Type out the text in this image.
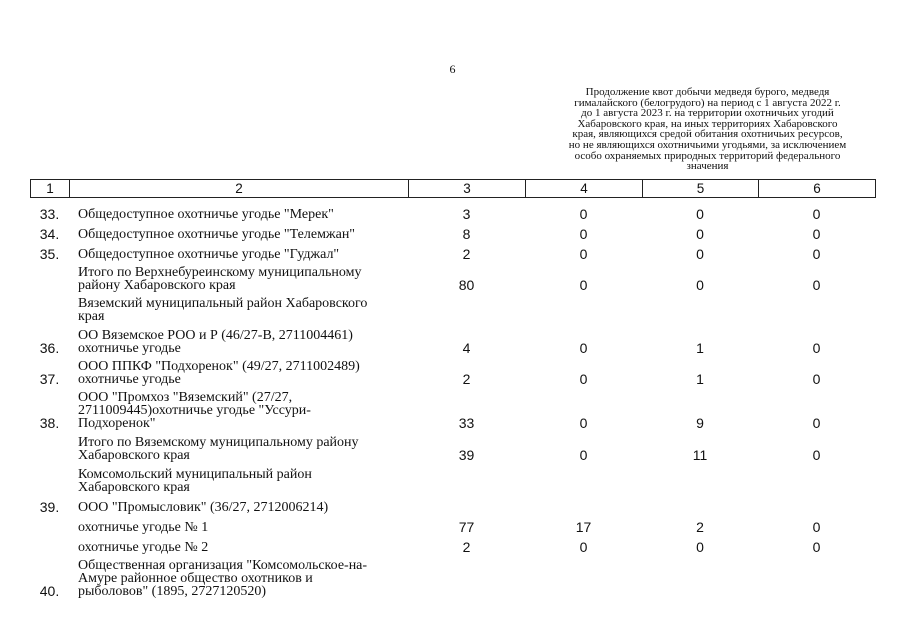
6
Продолжение квот добычи медведя бурого, медведя
гималайского (белогрудого) на период с 1 августа 2022 г.
до 1 августа 2023 г. на территории охотничьих угодий
Хабаровского края, на иных территориях Хабаровского
края, являющихся средой обитания охотничьих ресурсов,
но не являющихся охотничьими угодьями, за исключением
особо охраняемых природных территорий федерального
значения
1	2	3	4	5	6
33.	Общедоступное охотничье угодье "Мерек"	3	0	0	0
34.	Общедоступное охотничье угодье "Телемжан"	8	0	0	0
35.	Общедоступное охотничье угодье "Гуджал"	2	0	0	0

	Итого по Верхнебуреинскому муниципальному
району Хабаровского края	80	0	0	0

	Вяземский муниципальный район Хабаровского
края				

36.	ОО Вяземское РОО и Р (46/27-В, 2711004461)
охотничье угодье	4	0	1	0
37.	ООО ППКФ "Подхоренок" (49/27, 2711002489)
охотничье угодье	2	0	1	0
38.	ООО "Промхоз "Вяземский" (27/27,
2711009445)охотничье угодье "Уссури-
Подхоренок"	33	0	9	0

	Итого по Вяземскому муниципальному району
Хабаровского края	39	0	11	0

	Комсомольский муниципальный район
Хабаровского края				

39.	ООО "Промысловик" (36/27, 2712006214)				

	охотничье угодье № 1	77	17	2	0

	охотничье угодье № 2	2	0	0	0
40.	Общественная организация "Комсомольское-на-
Амуре районное общество охотников и
рыболовов" (1895, 2727120520)				
